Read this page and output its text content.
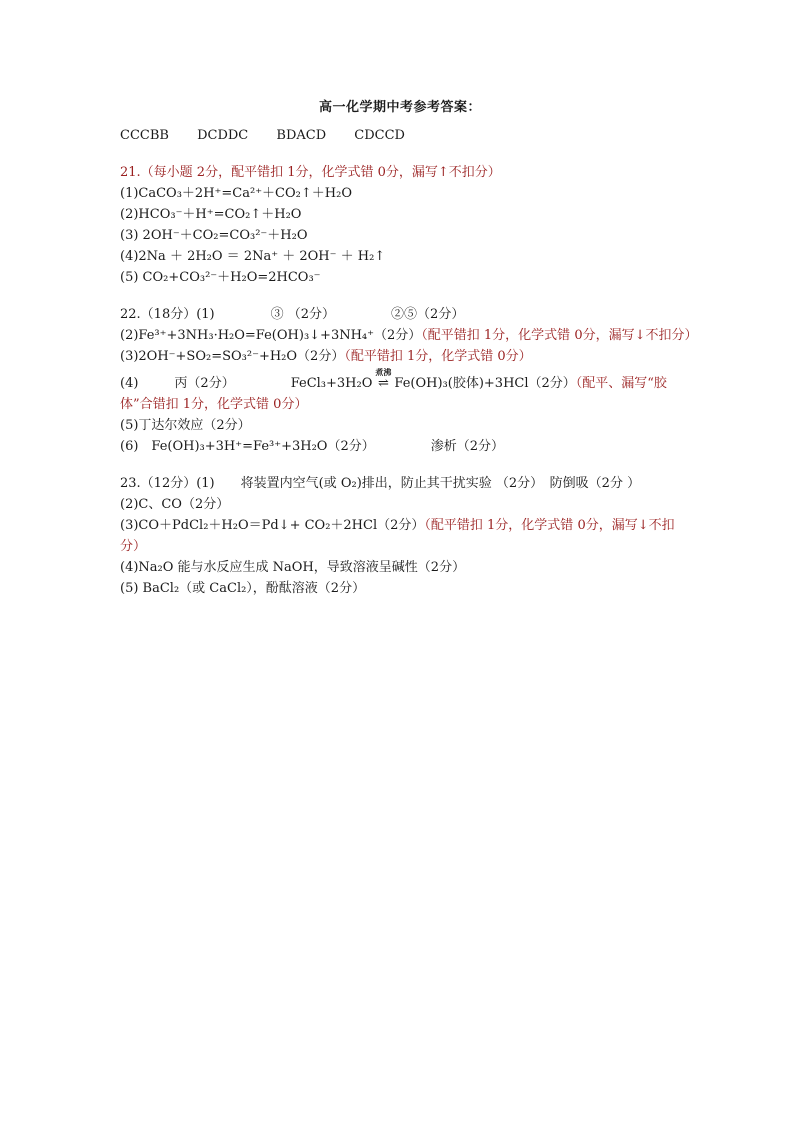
高一化学期中考参考答案：
CCCBB DCDDC BDACD CDCCD
21.（每小题 2分，配平错扣 1分，化学式错 0分，漏写↑不扣分）
(1)CaCO₃＋2H⁺=Ca²⁺＋CO₂↑＋H₂O
(2)HCO₃⁻＋H⁺=CO₂↑＋H₂O
(3) 2OH⁻＋CO₂=CO₃²⁻＋H₂O
(4)2Na ＋ 2H₂O ＝ 2Na⁺ ＋ 2OH⁻ ＋ H₂↑
(5) CO₂+CO₃²⁻＋H₂O=2HCO₃⁻
22.（18分）(1)	③ （2分）	②⑤（2分）
(2)Fe³⁺+3NH₃·H₂O=Fe(OH)₃↓+3NH₄⁺（2分）（配平错扣 1分，化学式错 0分，漏写↓不扣分）
(3)2OH⁻+SO₂=SO₃²⁻+H₂O（2分）（配平错扣 1分，化学式错 0分）
(4)	丙（2分）	FeCl₃+3H₂O
煮沸
⇌ Fe(OH)₃(胶体)+3HCl（2分）（配平、漏写“胶体”合错扣 1分，化学式错 0分）
(5)丁达尔效应（2分）
(6)　Fe(OH)₃+3H⁺=Fe³⁺+3H₂O（2分）	渗析（2分）
23.（12分）(1)　　将装置内空气(或 O₂)排出，防止其干扰实验 （2分）　防倒吸（2分 ）
(2)C、CO（2分）
(3)CO＋PdCl₂＋H₂O＝Pd↓+ CO₂＋2HCl（2分）（配平错扣 1分，化学式错 0分，漏写↓不扣分）
(4)Na₂O 能与水反应生成 NaOH，导致溶液呈碱性（2分）
(5) BaCl₂（或 CaCl₂），酚酞溶液（2分）
